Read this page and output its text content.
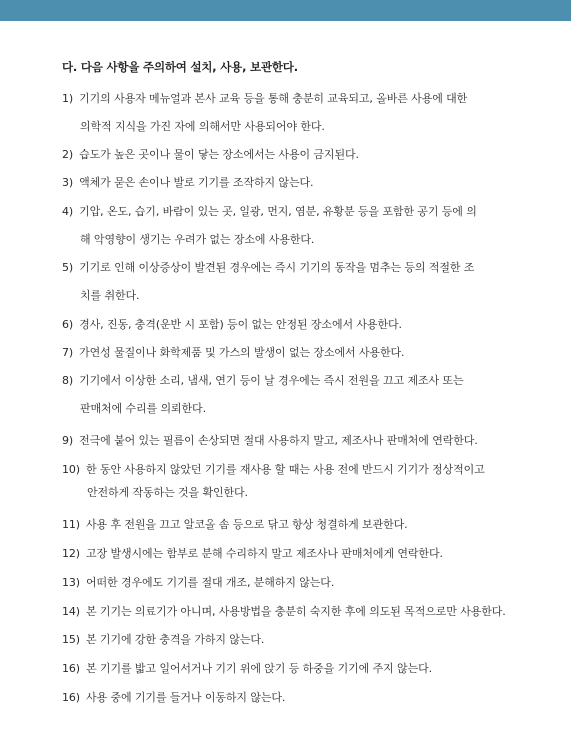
다. 다음 사항을 주의하여 설치, 사용, 보관한다.
1) 기기의 사용자 메뉴얼과 본사 교육 등을 통해 충분히 교육되고, 올바른 사용에 대한
의학적 지식을 가진 자에 의해서만 사용되어야 한다.
2) 습도가 높은 곳이나 물이 닿는 장소에서는 사용이 금지된다.
3) 액체가 묻은 손이나 발로 기기를 조작하지 않는다.
4) 기압, 온도, 습기, 바람이 있는 곳, 일광, 먼지, 염분, 유황분 등을 포함한 공기 등에 의
해 악영향이 생기는 우려가 없는 장소에 사용한다.
5) 기기로 인해 이상증상이 발견된 경우에는 즉시 기기의 동작을 멈추는 등의 적절한 조
치를 취한다.
6) 경사, 진동, 충격(운반 시 포함) 등이 없는 안정된 장소에서 사용한다.
7) 가연성 물질이나 화학제품 및 가스의 발생이 없는 장소에서 사용한다.
8) 기기에서 이상한 소리, 냄새, 연기 등이 날 경우에는 즉시 전원을 끄고 제조사 또는
판매처에 수리를 의뢰한다.
9) 전극에 붙어 있는 필름이 손상되면 절대 사용하지 말고, 제조사나 판매처에 연락한다.
10) 한 동안 사용하지 않았던 기기를 재사용 할 때는 사용 전에 반드시 기기가 정상적이고
안전하게 작동하는 것을 확인한다.
11) 사용 후 전원을 끄고 알코올 솜 등으로 닦고 항상 청결하게 보관한다.
12) 고장 발생시에는 함부로 분해 수리하지 말고 제조사나 판매처에게 연락한다.
13) 어떠한 경우에도 기기를 절대 개조, 분해하지 않는다.
14) 본 기기는 의료기가 아니며, 사용방법을 충분히 숙지한 후에 의도된 목적으로만 사용한다.
15) 본 기기에 강한 충격을 가하지 않는다.
16) 본 기기를 밟고 일어서거나 기기 위에 앉기 등 하중을 기기에 주지 않는다.
16) 사용 중에 기기를 들거나 이동하지 않는다.
